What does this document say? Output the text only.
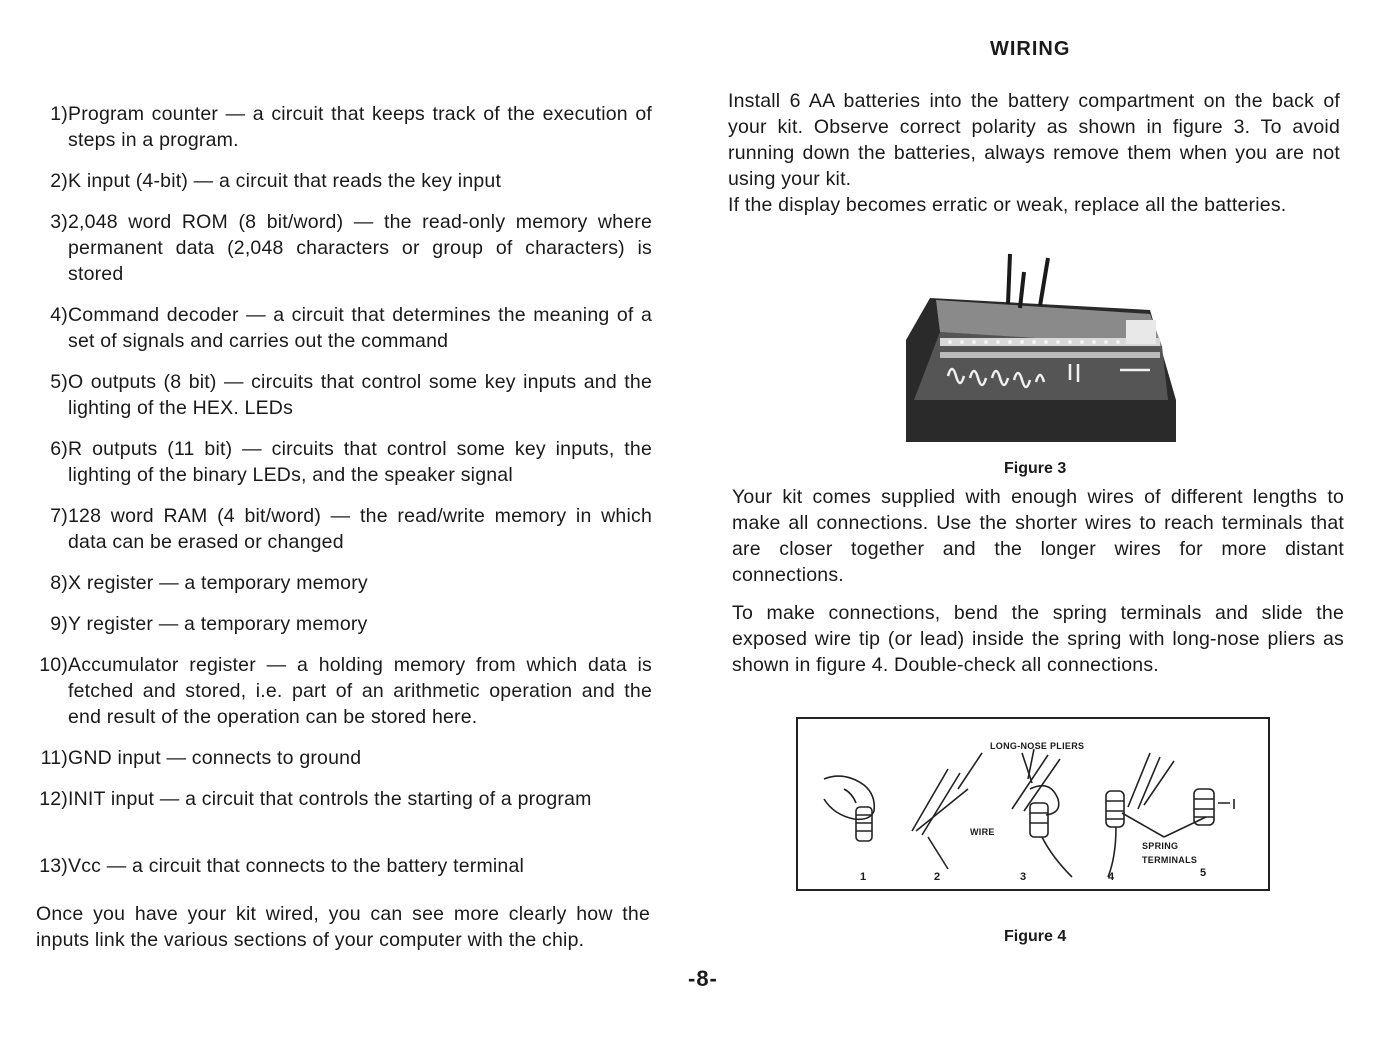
1) Program counter — a circuit that keeps track of the execution of steps in a program.
2) K input (4-bit) — a circuit that reads the key input
3) 2,048 word ROM (8 bit/word) — the read-only memory where permanent data (2,048 characters or group of characters) is stored
4) Command decoder — a circuit that determines the meaning of a set of signals and carries out the command
5) O outputs (8 bit) — circuits that control some key inputs and the lighting of the HEX. LEDs
6) R outputs (11 bit) — circuits that control some key inputs, the lighting of the binary LEDs, and the speaker signal
7) 128 word RAM (4 bit/word) — the read/write memory in which data can be erased or changed
8) X register — a temporary memory
9) Y register — a temporary memory
10) Accumulator register — a holding memory from which data is fetched and stored, i.e. part of an arithmetic operation and the end result of the operation can be stored here.
11) GND input — connects to ground
12) INIT input — a circuit that controls the starting of a program
13) Vcc — a circuit that connects to the battery terminal
Once you have your kit wired, you can see more clearly how the inputs link the various sections of your computer with the chip.
-8-
WIRING
Install 6 AA batteries into the battery compartment on the back of your kit. Observe correct polarity as shown in figure 3. To avoid running down the batteries, always remove them when you are not using your kit.
If the display becomes erratic or weak, replace all the batteries.
Figure 3
Your kit comes supplied with enough wires of different lengths to make all connections. Use the shorter wires to reach terminals that are closer together and the longer wires for more distant connections.
To make connections, bend the spring terminals and slide the exposed wire tip (or lead) inside the spring with long-nose pliers as shown in figure 4. Double-check all connections.
LONG-NOSE PLIERS
WIRE
SPRING
TERMINALS
1	2	3	4	5
Figure 4
